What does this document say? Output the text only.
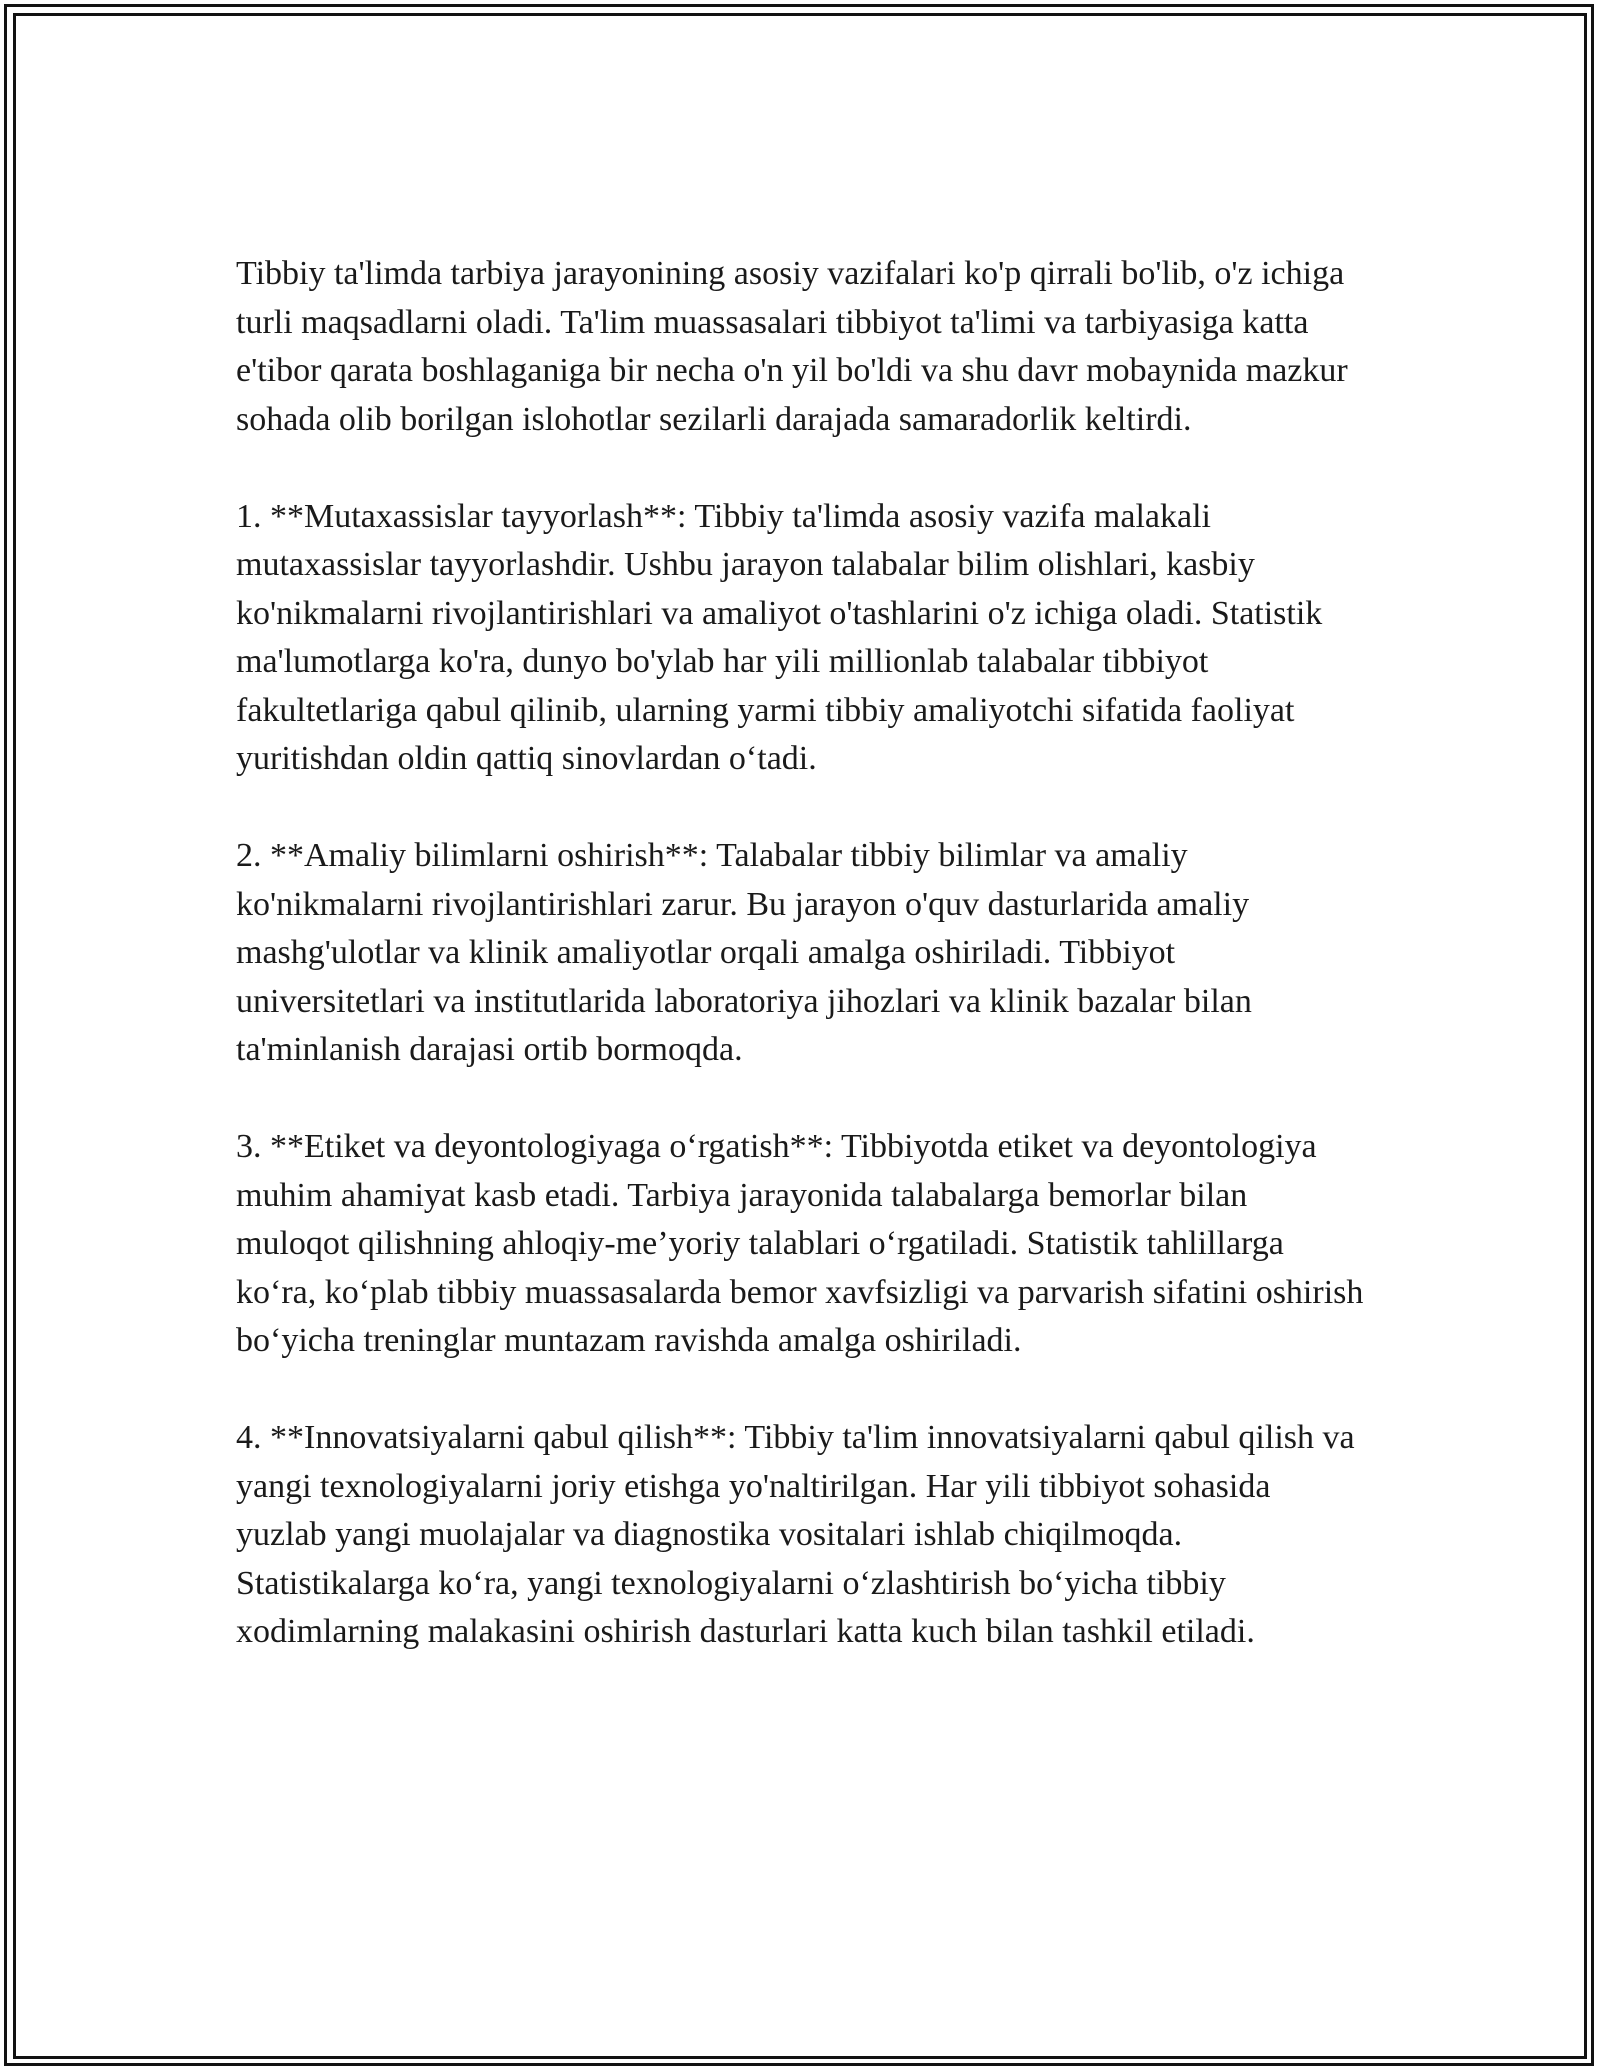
Tibbiy ta'limda tarbiya jarayonining asosiy vazifalari ko'p qirrali bo'lib, o'z ichiga turli maqsadlarni oladi. Ta'lim muassasalari tibbiyot ta'limi va tarbiyasiga katta e'tibor qarata boshlaganiga bir necha o'n yil bo'ldi va shu davr mobaynida mazkur sohada olib borilgan islohotlar sezilarli darajada samaradorlik keltirdi.

1. **Mutaxassislar tayyorlash**: Tibbiy ta'limda asosiy vazifa malakali mutaxassislar tayyorlashdir. Ushbu jarayon talabalar bilim olishlari, kasbiy ko'nikmalarni rivojlantirishlari va amaliyot o'tashlarini o'z ichiga oladi. Statistik ma'lumotlarga ko'ra, dunyo bo'ylab har yili millionlab talabalar tibbiyot fakultetlariga qabul qilinib, ularning yarmi tibbiy amaliyotchi sifatida faoliyat yuritishdan oldin qattiq sinovlardan o‘tadi.

2. **Amaliy bilimlarni oshirish**: Talabalar tibbiy bilimlar va amaliy ko'nikmalarni rivojlantirishlari zarur. Bu jarayon o'quv dasturlarida amaliy mashg'ulotlar va klinik amaliyotlar orqali amalga oshiriladi. Tibbiyot universitetlari va institutlarida laboratoriya jihozlari va klinik bazalar bilan ta'minlanish darajasi ortib bormoqda.

3. **Etiket va deyontologiyaga o‘rgatish**: Tibbiyotda etiket va deyontologiya muhim ahamiyat kasb etadi. Tarbiya jarayonida talabalarga bemorlar bilan muloqot qilishning ahloqiy-me’yoriy talablari o‘rgatiladi. Statistik tahlillarga ko‘ra, ko‘plab tibbiy muassasalarda bemor xavfsizligi va parvarish sifatini oshirish bo‘yicha treninglar muntazam ravishda amalga oshiriladi.

4. **Innovatsiyalarni qabul qilish**: Tibbiy ta'lim innovatsiyalarni qabul qilish va yangi texnologiyalarni joriy etishga yo'naltirilgan. Har yili tibbiyot sohasida yuzlab yangi muolajalar va diagnostika vositalari ishlab chiqilmoqda. Statistikalarga ko‘ra, yangi texnologiyalarni o‘zlashtirish bo‘yicha tibbiy xodimlarning malakasini oshirish dasturlari katta kuch bilan tashkil etiladi.
